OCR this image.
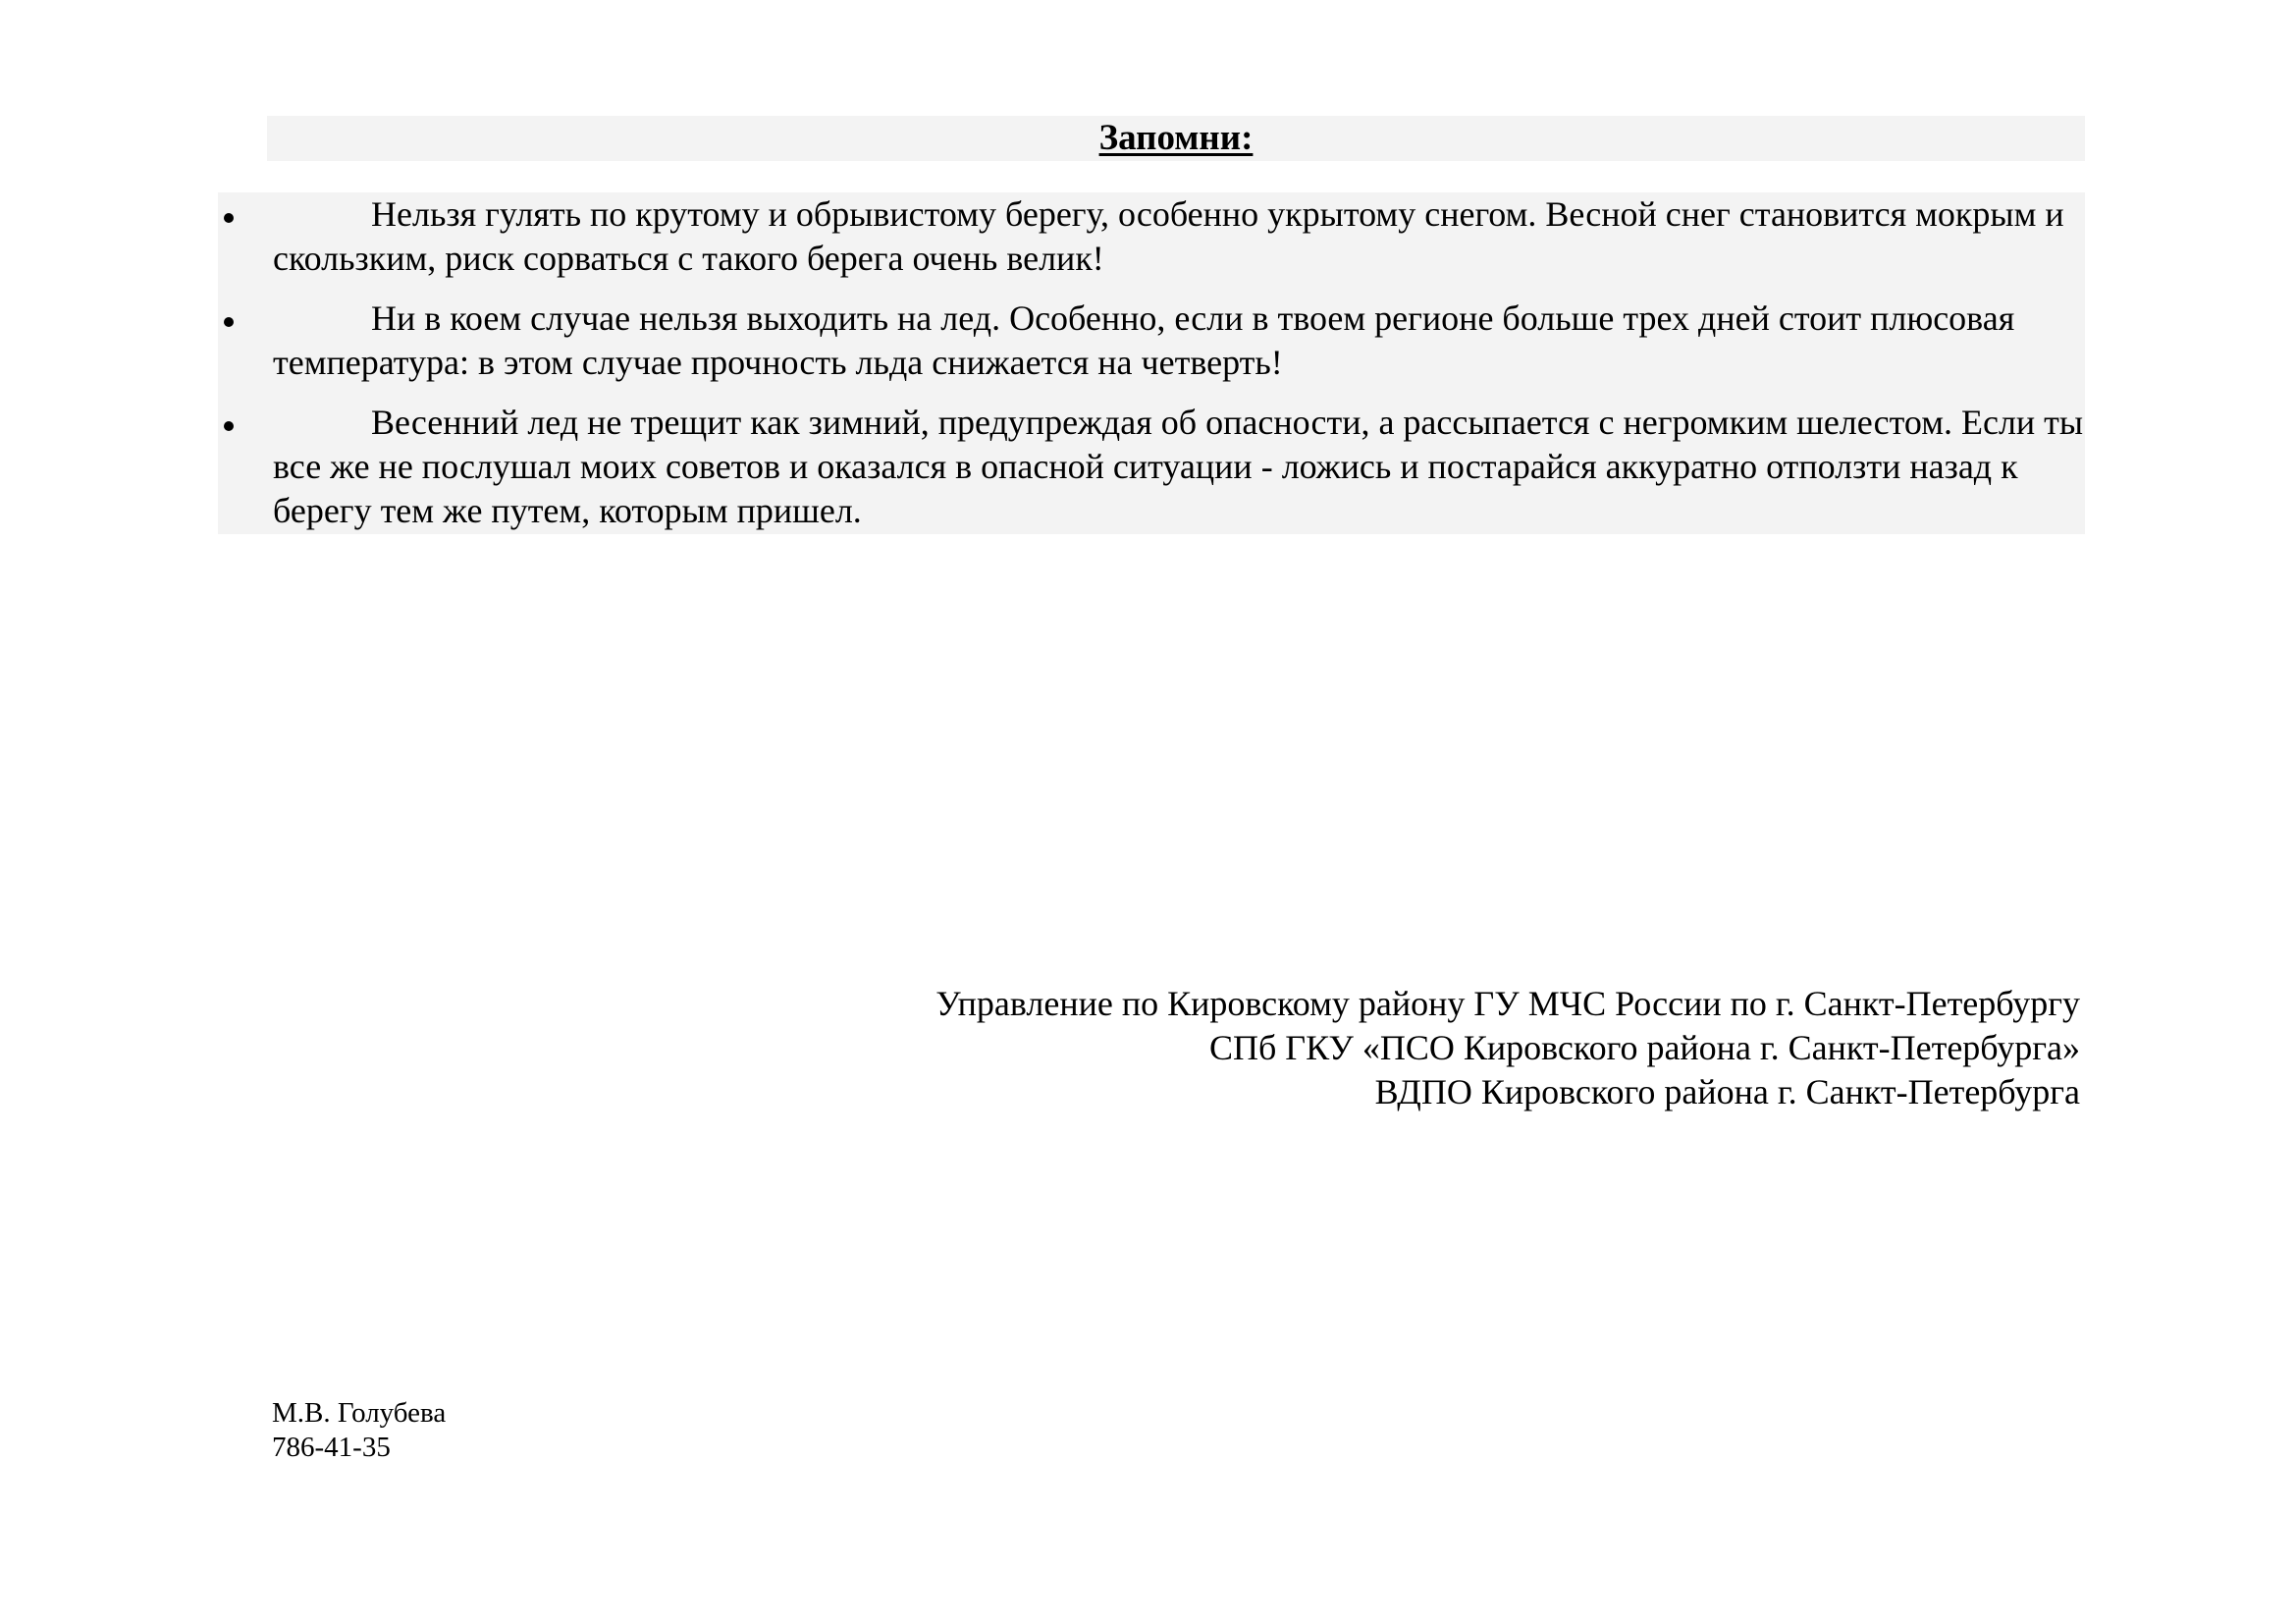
Запомни:
Нельзя гулять по крутому и обрывистому берегу, особенно укрытому снегом. Весной снег становится мокрым и скользким, риск сорваться с такого берега очень велик!
Ни в коем случае нельзя выходить на лед. Особенно, если в твоем регионе больше трех дней стоит плюсовая температура: в этом случае прочность льда снижается на четверть!
Весенний лед не трещит как зимний, предупреждая об опасности, а рассыпается с негромким шелестом. Если ты все же не послушал моих советов и оказался в опасной ситуации - ложись и постарайся аккуратно отползти назад к берегу тем же путем, которым пришел.
Управление по Кировскому району ГУ МЧС России по г. Санкт-Петербургу
СПб ГКУ «ПСО Кировского района г. Санкт-Петербурга»
ВДПО Кировского района г. Санкт-Петербурга
М.В. Голубева
786-41-35
